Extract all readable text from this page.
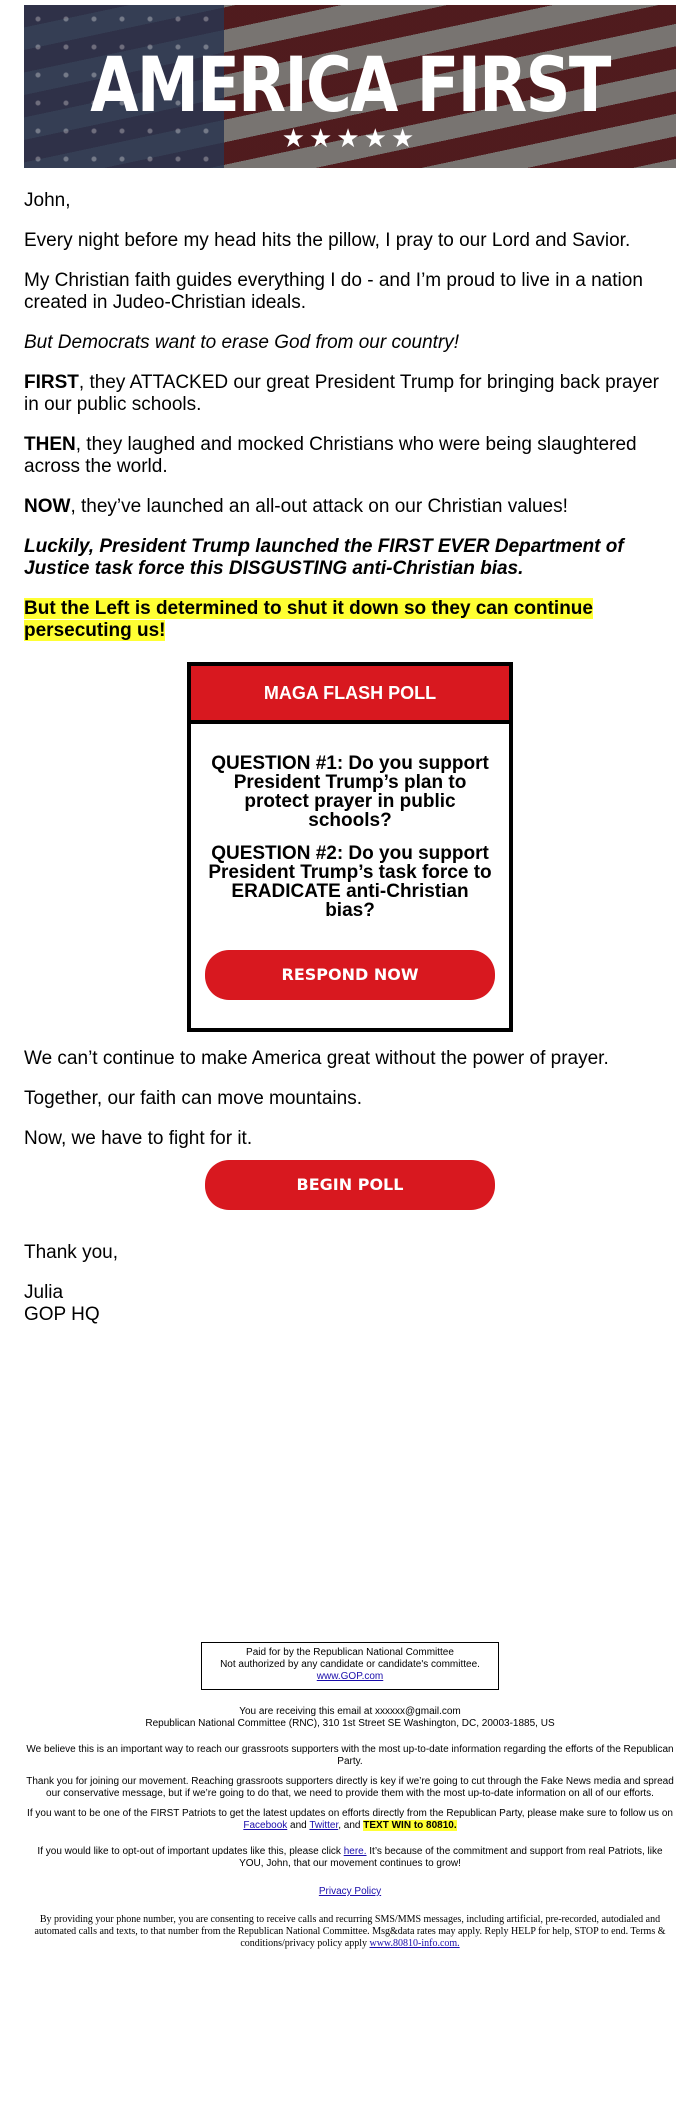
AMERICA FIRST
★★★★★

John,

Every night before my head hits the pillow, I pray to our Lord and Savior.

My Christian faith guides everything I do - and I’m proud to live in a nation created in Judeo-Christian ideals.

But Democrats want to erase God from our country!

FIRST, they ATTACKED our great President Trump for bringing back prayer in our public schools.

THEN, they laughed and mocked Christians who were being slaughtered across the world.

NOW, they’ve launched an all-out attack on our Christian values!

Luckily, President Trump launched the FIRST EVER Department of Justice task force this DISGUSTING anti-Christian bias.

But the Left is determined to shut it down so they can continue persecuting us!

MAGA FLASH POLL
QUESTION #1: Do you support President Trump’s plan to protect prayer in public schools?
QUESTION #2: Do you support President Trump’s task force to ERADICATE anti-Christian bias?
RESPOND NOW

We can’t continue to make America great without the power of prayer.

Together, our faith can move mountains.

Now, we have to fight for it.

BEGIN POLL

Thank you,

Julia
GOP HQ
Paid for by the Republican National Committee
Not authorized by any candidate or candidate's committee.
www.GOP.com

You are receiving this email at xxxxxx@gmail.com

Republican National Committee (RNC), 310 1st Street SE Washington, DC, 20003-1885, US

We believe this is an important way to reach our grassroots supporters with the most up-to-date information regarding the efforts of the Republican Party.

Thank you for joining our movement. Reaching grassroots supporters directly is key if we’re going to cut through the Fake News media and spread our conservative message, but if we’re going to do that, we need to provide them with the most up-to-date information on all of our efforts.

If you want to be one of the FIRST Patriots to get the latest updates on efforts directly from the Republican Party, please make sure to follow us on Facebook and Twitter, and TEXT WIN to 80810.

If you would like to opt-out of important updates like this, please click here. It’s because of the commitment and support from real Patriots, like YOU, John, that our movement continues to grow!

Privacy Policy

By providing your phone number, you are consenting to receive calls and recurring SMS/MMS messages, including artificial, pre-recorded, autodialed and automated calls and texts, to that number from the Republican National Committee. Msg&data rates may apply. Reply HELP for help, STOP to end. Terms & conditions/privacy policy apply www.80810-info.com.
